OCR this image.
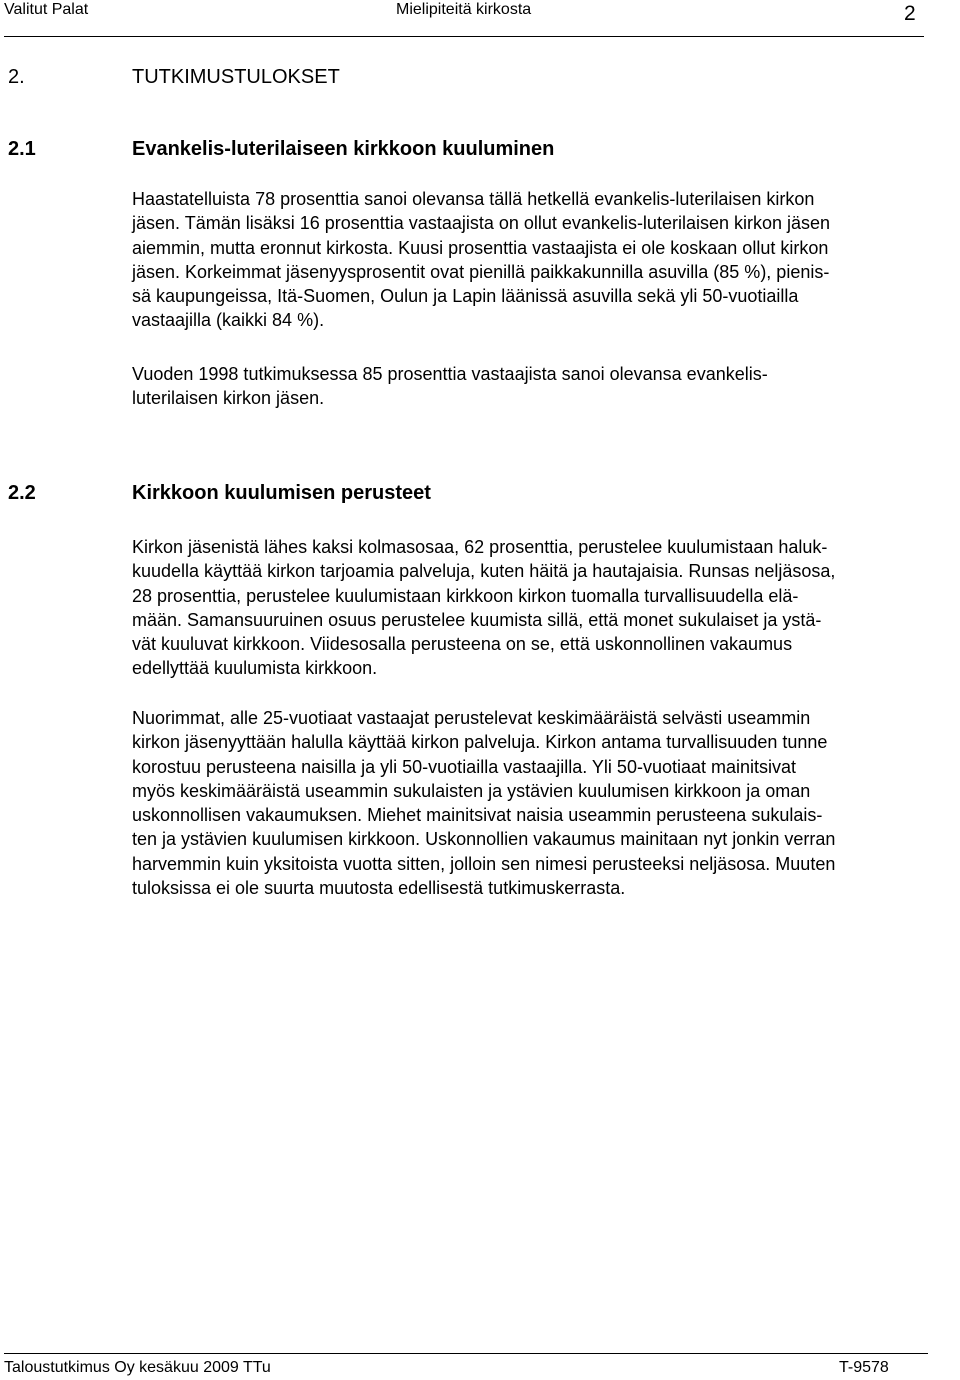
Valitut Palat	Mielipiteitä kirkosta	2
2.	TUTKIMUSTULOKSET
2.1	Evankelis-luterilaiseen kirkkoon kuuluminen
Haastatelluista 78 prosenttia sanoi olevansa tällä hetkellä evankelis-luterilaisen kirkon
jäsen. Tämän lisäksi 16 prosenttia vastaajista on ollut evankelis-luterilaisen kirkon jäsen
aiemmin, mutta eronnut kirkosta. Kuusi prosenttia vastaajista ei ole koskaan ollut kirkon
jäsen. Korkeimmat jäsenyysprosentit ovat pienillä paikkakunnilla asuvilla (85 %), pienis-
sä kaupungeissa, Itä-Suomen, Oulun ja Lapin läänissä asuvilla sekä yli 50-vuotiailla
vastaajilla (kaikki 84 %).
Vuoden 1998 tutkimuksessa 85 prosenttia vastaajista sanoi olevansa evankelis-
luterilaisen kirkon jäsen.
2.2	Kirkkoon kuulumisen perusteet
Kirkon jäsenistä lähes kaksi kolmasosaa, 62 prosenttia, perustelee kuulumistaan haluk-
kuudella käyttää kirkon tarjoamia palveluja, kuten häitä ja hautajaisia. Runsas neljäsosa,
28 prosenttia, perustelee kuulumistaan kirkkoon kirkon tuomalla turvallisuudella elä-
mään. Samansuuruinen osuus perustelee kuumista sillä, että monet sukulaiset ja ystä-
vät kuuluvat kirkkoon. Viidesosalla perusteena on se, että uskonnollinen vakaumus
edellyttää kuulumista kirkkoon.
Nuorimmat, alle 25-vuotiaat vastaajat perustelevat keskimääräistä selvästi useammin
kirkon jäsenyyttään halulla käyttää kirkon palveluja. Kirkon antama turvallisuuden tunne
korostuu perusteena naisilla ja yli 50-vuotiailla vastaajilla. Yli 50-vuotiaat mainitsivat
myös keskimääräistä useammin sukulaisten ja ystävien kuulumisen kirkkoon ja oman
uskonnollisen vakaumuksen. Miehet mainitsivat naisia useammin perusteena sukulais-
ten ja ystävien kuulumisen kirkkoon. Uskonnollien vakaumus mainitaan nyt jonkin verran
harvemmin kuin yksitoista vuotta sitten, jolloin sen nimesi perusteeksi neljäsosa. Muuten
tuloksissa ei ole suurta muutosta edellisestä tutkimuskerrasta.
Taloustutkimus Oy kesäkuu 2009 TTu	T-9578
